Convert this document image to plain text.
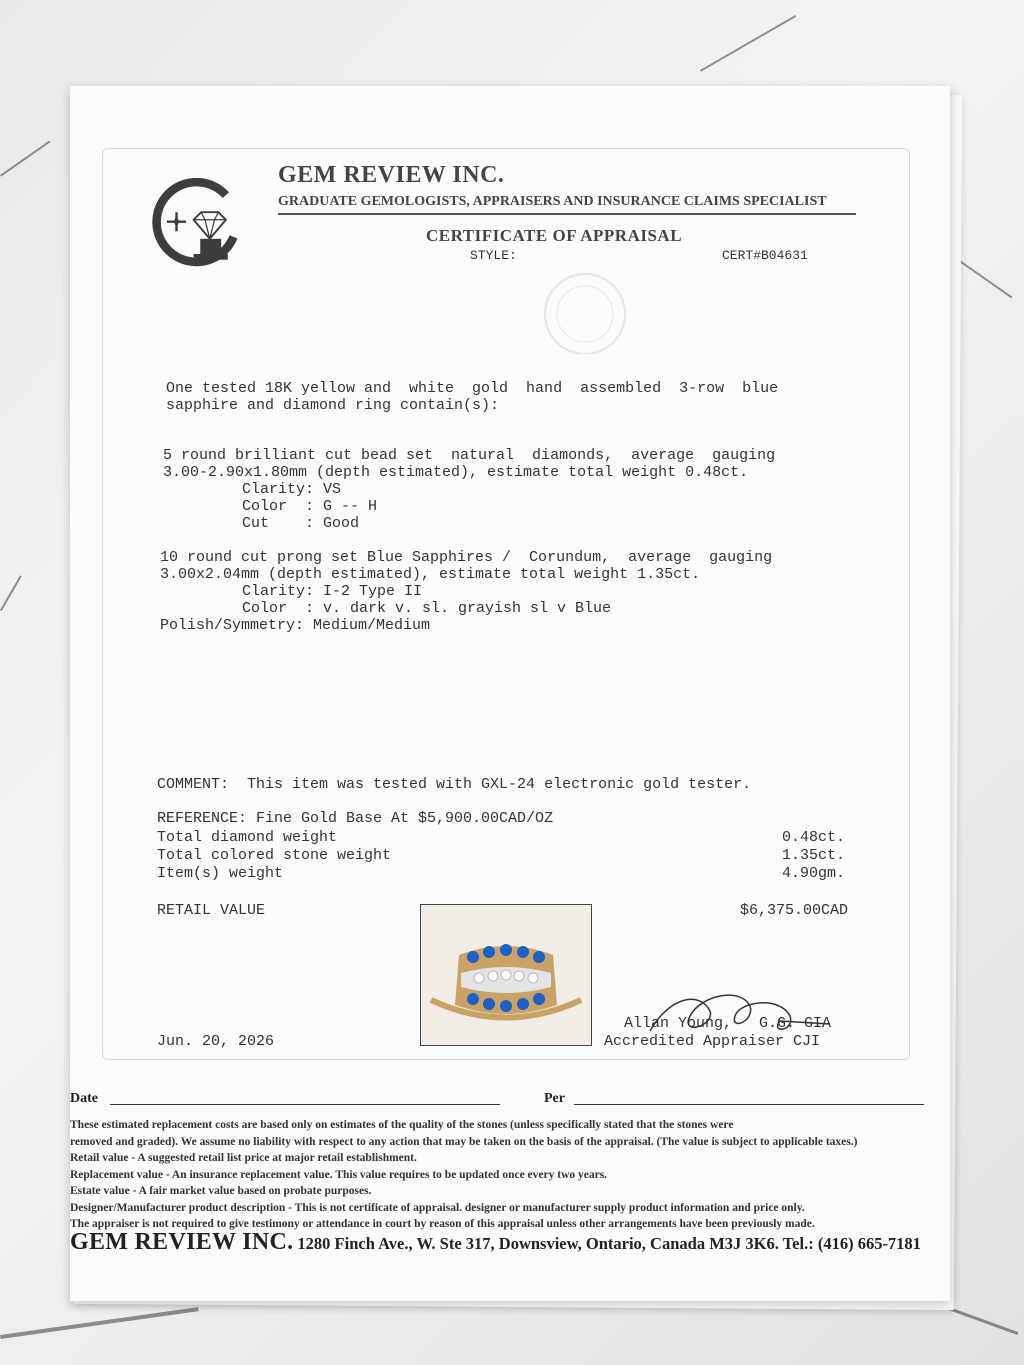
GEM REVIEW INC.
GRADUATE GEMOLOGISTS, APPRAISERS AND INSURANCE CLAIMS SPECIALIST
CERTIFICATE OF APPRAISAL
STYLE:	CERT#B04631
One tested 18K yellow and  white  gold  hand  assembled  3-row  blue
sapphire and diamond ring contain(s):
5 round brilliant cut bead set  natural  diamonds,  average  gauging
3.00-2.90x1.80mm (depth estimated), estimate total weight 0.48ct.
Clarity: VS
Color  : G -- H
Cut    : Good
10 round cut prong set Blue Sapphires /  Corundum,  average  gauging
3.00x2.04mm (depth estimated), estimate total weight 1.35ct.
Clarity: I-2 Type II
Color  : v. dark v. sl. grayish sl v Blue
Polish/Symmetry: Medium/Medium
COMMENT:  This item was tested with GXL-24 electronic gold tester.
REFERENCE: Fine Gold Base At $5,900.00CAD/OZ
Total diamond weight	0.48ct.
Total colored stone weight	1.35ct.
Item(s) weight	4.90gm.
RETAIL VALUE	$6,375.00CAD
Jun. 20, 2026
Allan Young,   G.G. GIA
Accredited Appraiser CJI
Date	Per
These estimated replacement costs are based only on estimates of the quality of the stones (unless specifically stated that the stones were
removed and graded). We assume no liability with respect to any action that may be taken on the basis of the appraisal. (The value is subject to applicable taxes.)
Retail value - A suggested retail list price at major retail establishment.
Replacement value - An insurance replacement value. This value requires to be updated once every two years.
Estate value - A fair market value based on probate purposes.
Designer/Manufacturer product description - This is not certificate of appraisal. designer or manufacturer supply product information and price only.
The appraiser is not required to give testimony or attendance in court by reason of this appraisal unless other arrangements have been previously made.
GEM REVIEW INC. 1280 Finch Ave., W. Ste 317, Downsview, Ontario, Canada M3J 3K6. Tel.: (416) 665-7181
